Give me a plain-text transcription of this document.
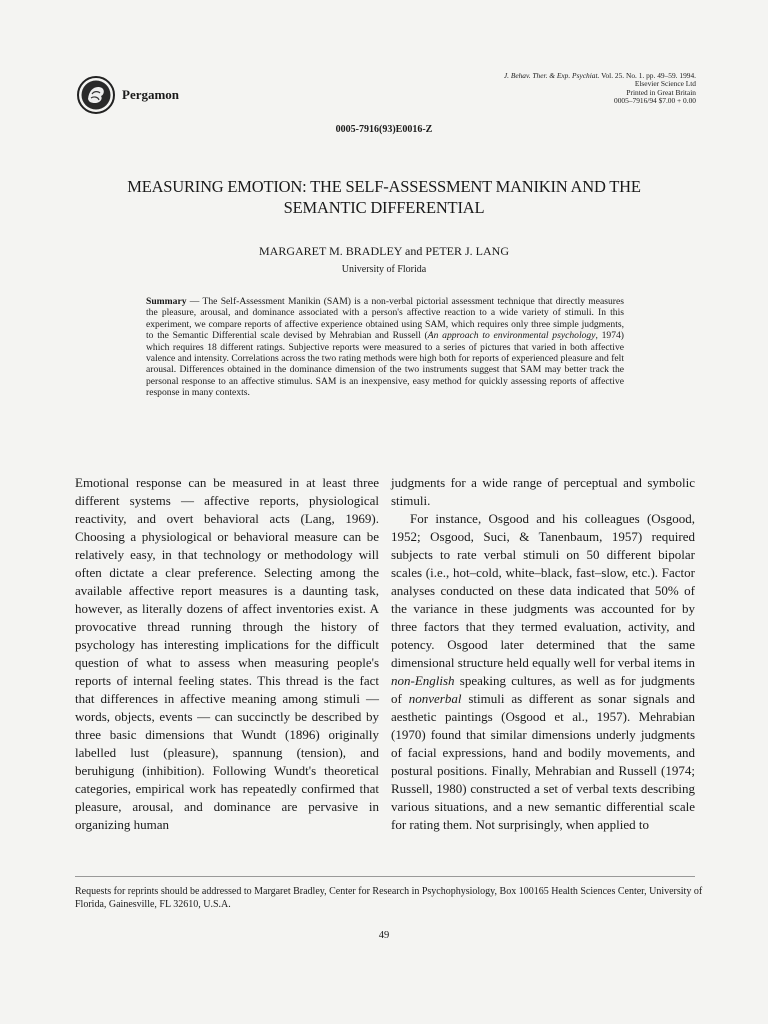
Pergamon
J. Behav. Ther. & Exp. Psychiat. Vol. 25. No. 1. pp. 49–59. 1994.
Elsevier Science Ltd
Printed in Great Britain
0005–7916/94 $7.00 + 0.00
0005-7916(93)E0016-Z
MEASURING EMOTION: THE SELF-ASSESSMENT MANIKIN AND THE SEMANTIC DIFFERENTIAL
MARGARET M. BRADLEY and PETER J. LANG
University of Florida
Summary — The Self-Assessment Manikin (SAM) is a non-verbal pictorial assessment technique that directly measures the pleasure, arousal, and dominance associated with a person's affective reaction to a wide variety of stimuli. In this experiment, we compare reports of affective experience obtained using SAM, which requires only three simple judgments, to the Semantic Differential scale devised by Mehrabian and Russell (An approach to environmental psychology, 1974) which requires 18 different ratings. Subjective reports were measured to a series of pictures that varied in both affective valence and intensity. Correlations across the two rating methods were high both for reports of experienced pleasure and felt arousal. Differences obtained in the dominance dimension of the two instruments suggest that SAM may better track the personal response to an affective stimulus. SAM is an inexpensive, easy method for quickly assessing reports of affective response in many contexts.

Emotional response can be measured in at least three different systems — affective reports, physiological reactivity, and overt behavioral acts (Lang, 1969). Choosing a physiological or behavioral measure can be relatively easy, in that technology or methodology will often dictate a clear preference. Selecting among the available affective report measures is a daunting task, however, as literally dozens of affect inventories exist. A provocative thread running through the history of psychology has interesting implications for the difficult question of what to assess when measuring people's reports of internal feeling states. This thread is the fact that differences in affective meaning among stimuli — words, objects, events — can succinctly be described by three basic dimensions that Wundt (1896) originally labelled lust (pleasure), spannung (tension), and beruhigung (inhibition). Following Wundt's theoretical categories, empirical work has repeatedly confirmed that pleasure, arousal, and dominance are pervasive in organizing human

judgments for a wide range of perceptual and symbolic stimuli.

For instance, Osgood and his colleagues (Osgood, 1952; Osgood, Suci, & Tanenbaum, 1957) required subjects to rate verbal stimuli on 50 different bipolar scales (i.e., hot–cold, white–black, fast–slow, etc.). Factor analyses conducted on these data indicated that 50% of the variance in these judgments was accounted for by three factors that they termed evaluation, activity, and potency. Osgood later determined that the same dimensional structure held equally well for verbal items in non-English speaking cultures, as well as for judgments of nonverbal stimuli as different as sonar signals and aesthetic paintings (Osgood et al., 1957). Mehrabian (1970) found that similar dimensions underly judgments of facial expressions, hand and bodily movements, and postural positions. Finally, Mehrabian and Russell (1974; Russell, 1980) constructed a set of verbal texts describing various situations, and a new semantic differential scale for rating them. Not surprisingly, when applied to

Requests for reprints should be addressed to Margaret Bradley, Center for Research in Psychophysiology, Box 100165 Health Sciences Center, University of Florida, Gainesville, FL 32610, U.S.A.
49
